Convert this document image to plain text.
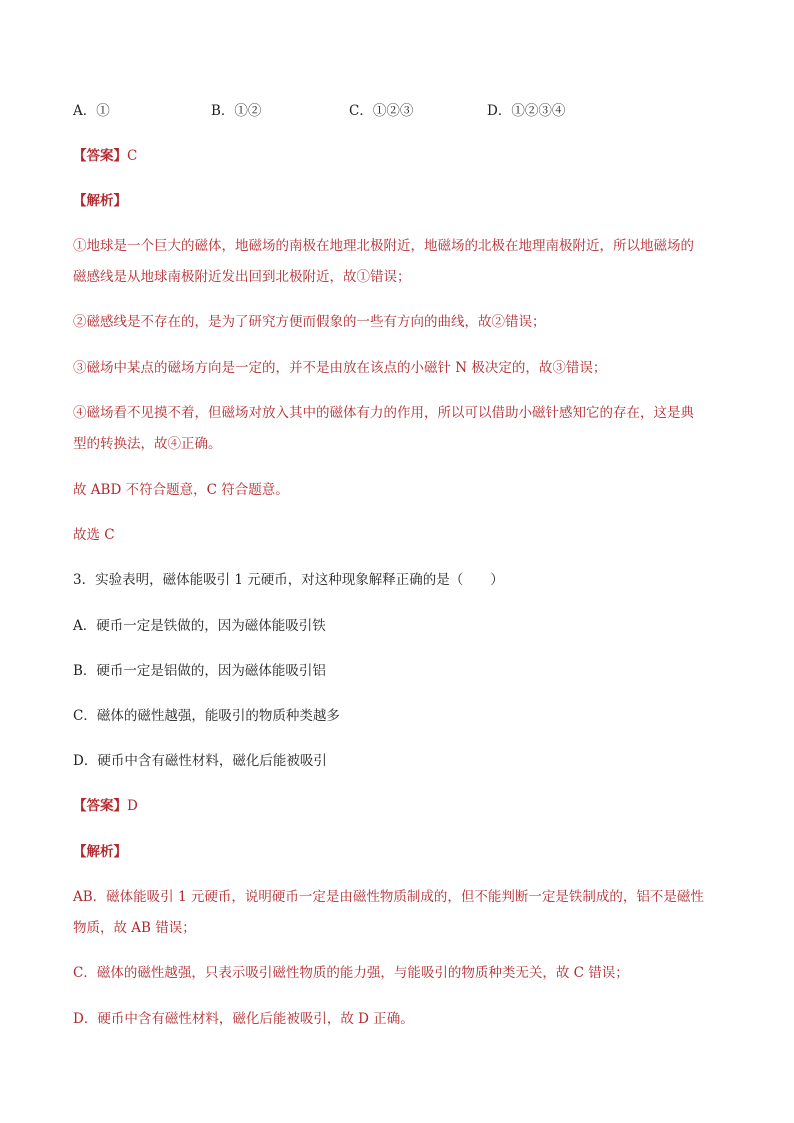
A．①	B．①②	C．①②③	D．①②③④
【答案】C
【解析】
①地球是一个巨大的磁体，地磁场的南极在地理北极附近，地磁场的北极在地理南极附近，所以地磁场的
磁感线是从地球南极附近发出回到北极附近，故①错误；
②磁感线是不存在的，是为了研究方便而假象的一些有方向的曲线，故②错误；
③磁场中某点的磁场方向是一定的，并不是由放在该点的小磁针 N 极决定的，故③错误；
④磁场看不见摸不着，但磁场对放入其中的磁体有力的作用，所以可以借助小磁针感知它的存在，这是典
型的转换法，故④正确。
故 ABD 不符合题意，C 符合题意。
故选 C
3．实验表明，磁体能吸引 1 元硬币，对这种现象解释正确的是（　　）
A．硬币一定是铁做的，因为磁体能吸引铁
B．硬币一定是铝做的，因为磁体能吸引铝
C．磁体的磁性越强，能吸引的物质种类越多
D．硬币中含有磁性材料，磁化后能被吸引
【答案】D
【解析】
AB．磁体能吸引 1 元硬币，说明硬币一定是由磁性物质制成的，但不能判断一定是铁制成的，铝不是磁性
物质，故 AB 错误；
C．磁体的磁性越强，只表示吸引磁性物质的能力强，与能吸引的物质种类无关，故 C 错误；
D．硬币中含有磁性材料，磁化后能被吸引，故 D 正确。
